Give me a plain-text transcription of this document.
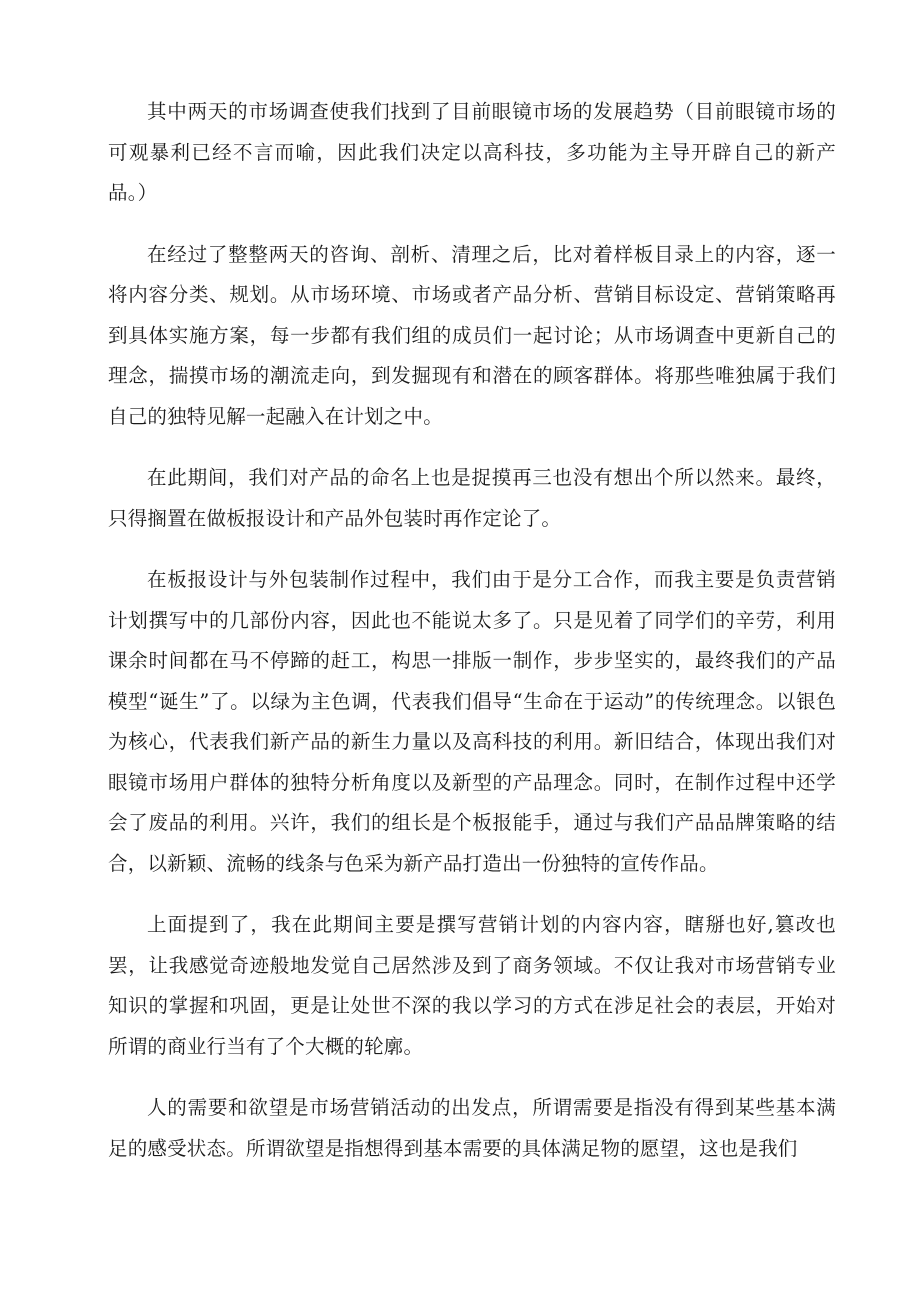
其中两天的市场调查使我们找到了目前眼镜市场的发展趋势（目前眼镜市场的可观暴利已经不言而喻，因此我们决定以高科技，多功能为主导开辟自己的新产品。）

在经过了整整两天的咨询、剖析、清理之后，比对着样板目录上的内容，逐一将内容分类、规划。从市场环境、市场或者产品分析、营销目标设定、营销策略再到具体实施方案，每一步都有我们组的成员们一起讨论；从市场调查中更新自己的理念，揣摸市场的潮流走向，到发掘现有和潜在的顾客群体。将那些唯独属于我们自己的独特见解一起融入在计划之中。

在此期间，我们对产品的命名上也是捉摸再三也没有想出个所以然来。最终，只得搁置在做板报设计和产品外包装时再作定论了。

在板报设计与外包装制作过程中，我们由于是分工合作，而我主要是负责营销计划撰写中的几部份内容，因此也不能说太多了。只是见着了同学们的辛劳，利用课余时间都在马不停蹄的赶工，构思一排版一制作，步步坚实的，最终我们的产品模型“诞生”了。以绿为主色调，代表我们倡导“生命在于运动”的传统理念。以银色为核心，代表我们新产品的新生力量以及高科技的利用。新旧结合，体现出我们对眼镜市场用户群体的独特分析角度以及新型的产品理念。同时，在制作过程中还学会了废品的利用。兴许，我们的组长是个板报能手，通过与我们产品品牌策略的结合，以新颖、流畅的线条与色采为新产品打造出一份独特的宣传作品。

上面提到了，我在此期间主要是撰写营销计划的内容内容，瞎掰也好,篡改也罢，让我感觉奇迹般地发觉自己居然涉及到了商务领域。不仅让我对市场营销专业知识的掌握和巩固，更是让处世不深的我以学习的方式在涉足社会的表层，开始对所谓的商业行当有了个大概的轮廓。

人的需要和欲望是市场营销活动的出发点，所谓需要是指没有得到某些基本满足的感受状态。所谓欲望是指想得到基本需要的具体满足物的愿望，这也是我们
